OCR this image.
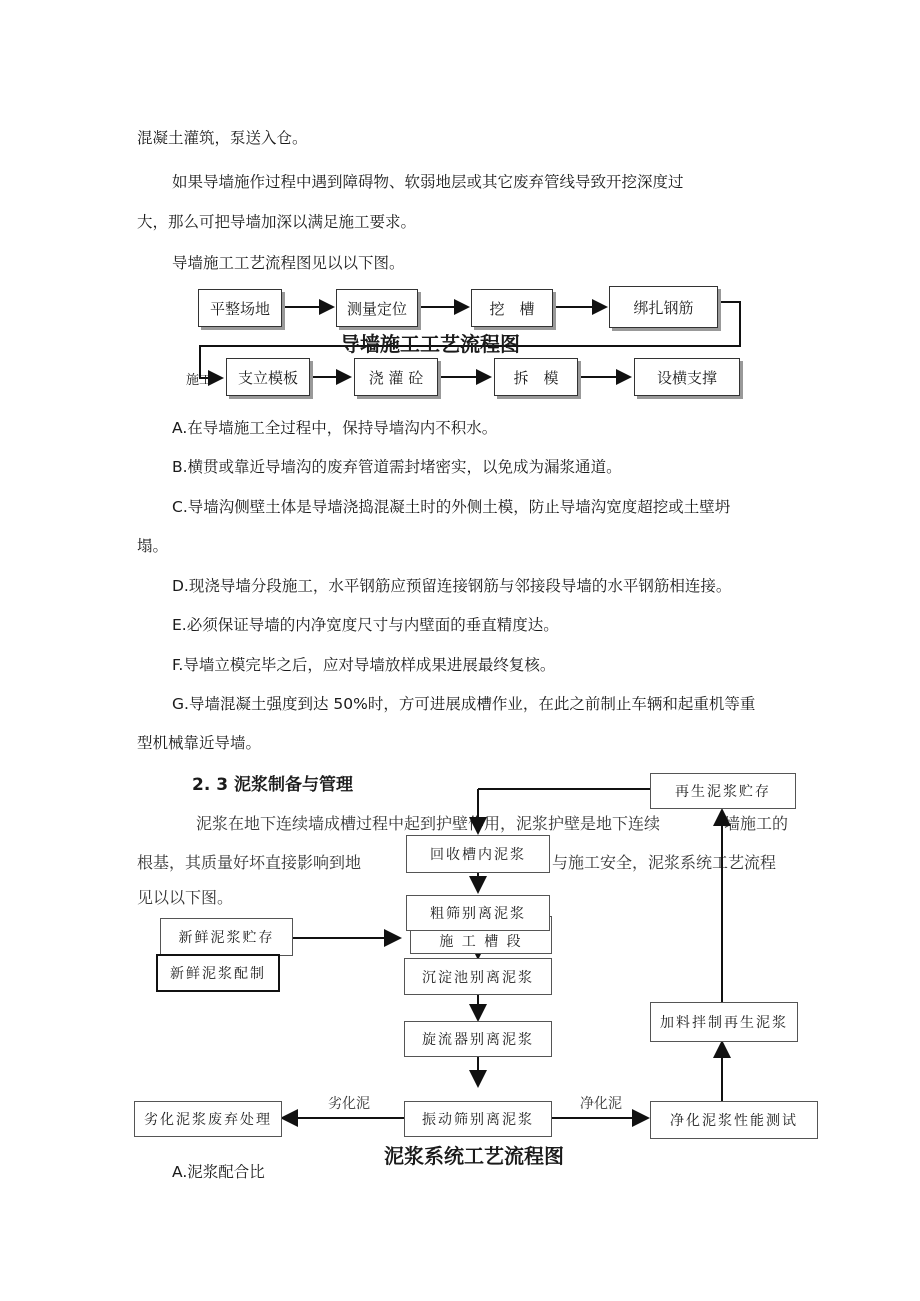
混凝土灌筑，泵送入仓。

如果导墙施作过程中遇到障碍物、软弱地层或其它废弃管线导致开挖深度过

大，那么可把导墙加深以满足施工要求。

导墙施工工艺流程图见以以下图。

平整场地	测量定位	挖　槽	绑扎钢筋
导墙施工工艺流程图
施工	支立模板	浇 灌 砼	拆　模	设横支撑

A.在导墙施工全过程中，保持导墙沟内不积水。

B.横贯或靠近导墙沟的废弃管道需封堵密实，以免成为漏浆通道。

C.导墙沟侧壁土体是导墙浇捣混凝土时的外侧土模，防止导墙沟宽度超挖或土壁坍

塌。

D.现浇导墙分段施工，水平钢筋应预留连接钢筋与邻接段导墙的水平钢筋相连接。

E.必须保证导墙的内净宽度尺寸与内壁面的垂直精度达。

F.导墙立模完毕之后，应对导墙放样成果进展最终复核。

G.导墙混凝土强度到达 50%时，方可进展成槽作业，在此之前制止车辆和起重机等重

型机械靠近导墙。

2. 3 泥浆制备与管理
泥浆在地下连续墙成槽过程中起到护壁作用，泥浆护壁是地下连续	墙施工的
根基，其质量好坏直接影响到地	与施工安全，泥浆系统工艺流程
见以以下图。
再生泥浆贮存
回收槽内泥浆
施 工 槽 段
粗筛别离泥浆
新鲜泥浆贮存
新鲜泥浆配制	沉淀池别离泥浆
旋流器别离泥浆
加料拌制再生泥浆
振动筛别离泥浆
劣化泥浆废弃处理	净化泥浆性能测试
劣化泥	净化泥
泥浆系统工艺流程图

A.泥浆配合比
